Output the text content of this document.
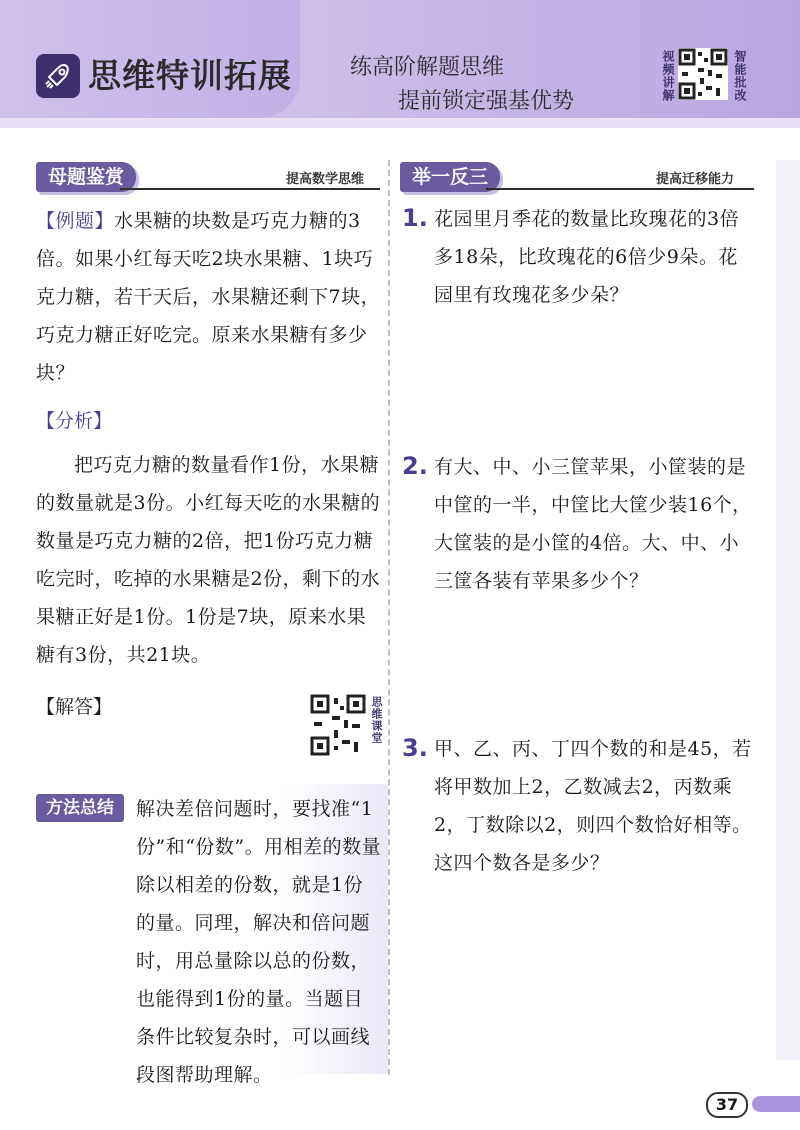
思维特训拓展	练高阶解题思维
提前锁定强基优势	视频讲解	智能批改
母题鉴赏	提高数学思维
【例题】水果糖的块数是巧克力糖的3倍。如果小红每天吃2块水果糖、1块巧克力糖，若干天后，水果糖还剩下7块，巧克力糖正好吃完。原来水果糖有多少块？
【分析】
把巧克力糖的数量看作1份，水果糖的数量就是3份。小红每天吃的水果糖的数量是巧克力糖的2倍，把1份巧克力糖吃完时，吃掉的水果糖是2份，剩下的水果糖正好是1份。1份是7块，原来水果糖有3份，共21块。
【解答】	思维课堂
解决差倍问题时，要找准“1份”和“份数”。用相差的数量除以相差的份数，就是1份的量。同理，解决和倍问题时，用总量除以总的份数，也能得到1份的量。当题目条件比较复杂时，可以画线段图帮助理解。
方法总结
举一反三	提高迁移能力
1. 花园里月季花的数量比玫瑰花的3倍多18朵，比玫瑰花的6倍少9朵。花园里有玫瑰花多少朵？
2. 有大、中、小三筐苹果，小筐装的是中筐的一半，中筐比大筐少装16个，大筐装的是小筐的4倍。大、中、小三筐各装有苹果多少个？
3. 甲、乙、丙、丁四个数的和是45，若将甲数加上2，乙数减去2，丙数乘2，丁数除以2，则四个数恰好相等。这四个数各是多少？
37
